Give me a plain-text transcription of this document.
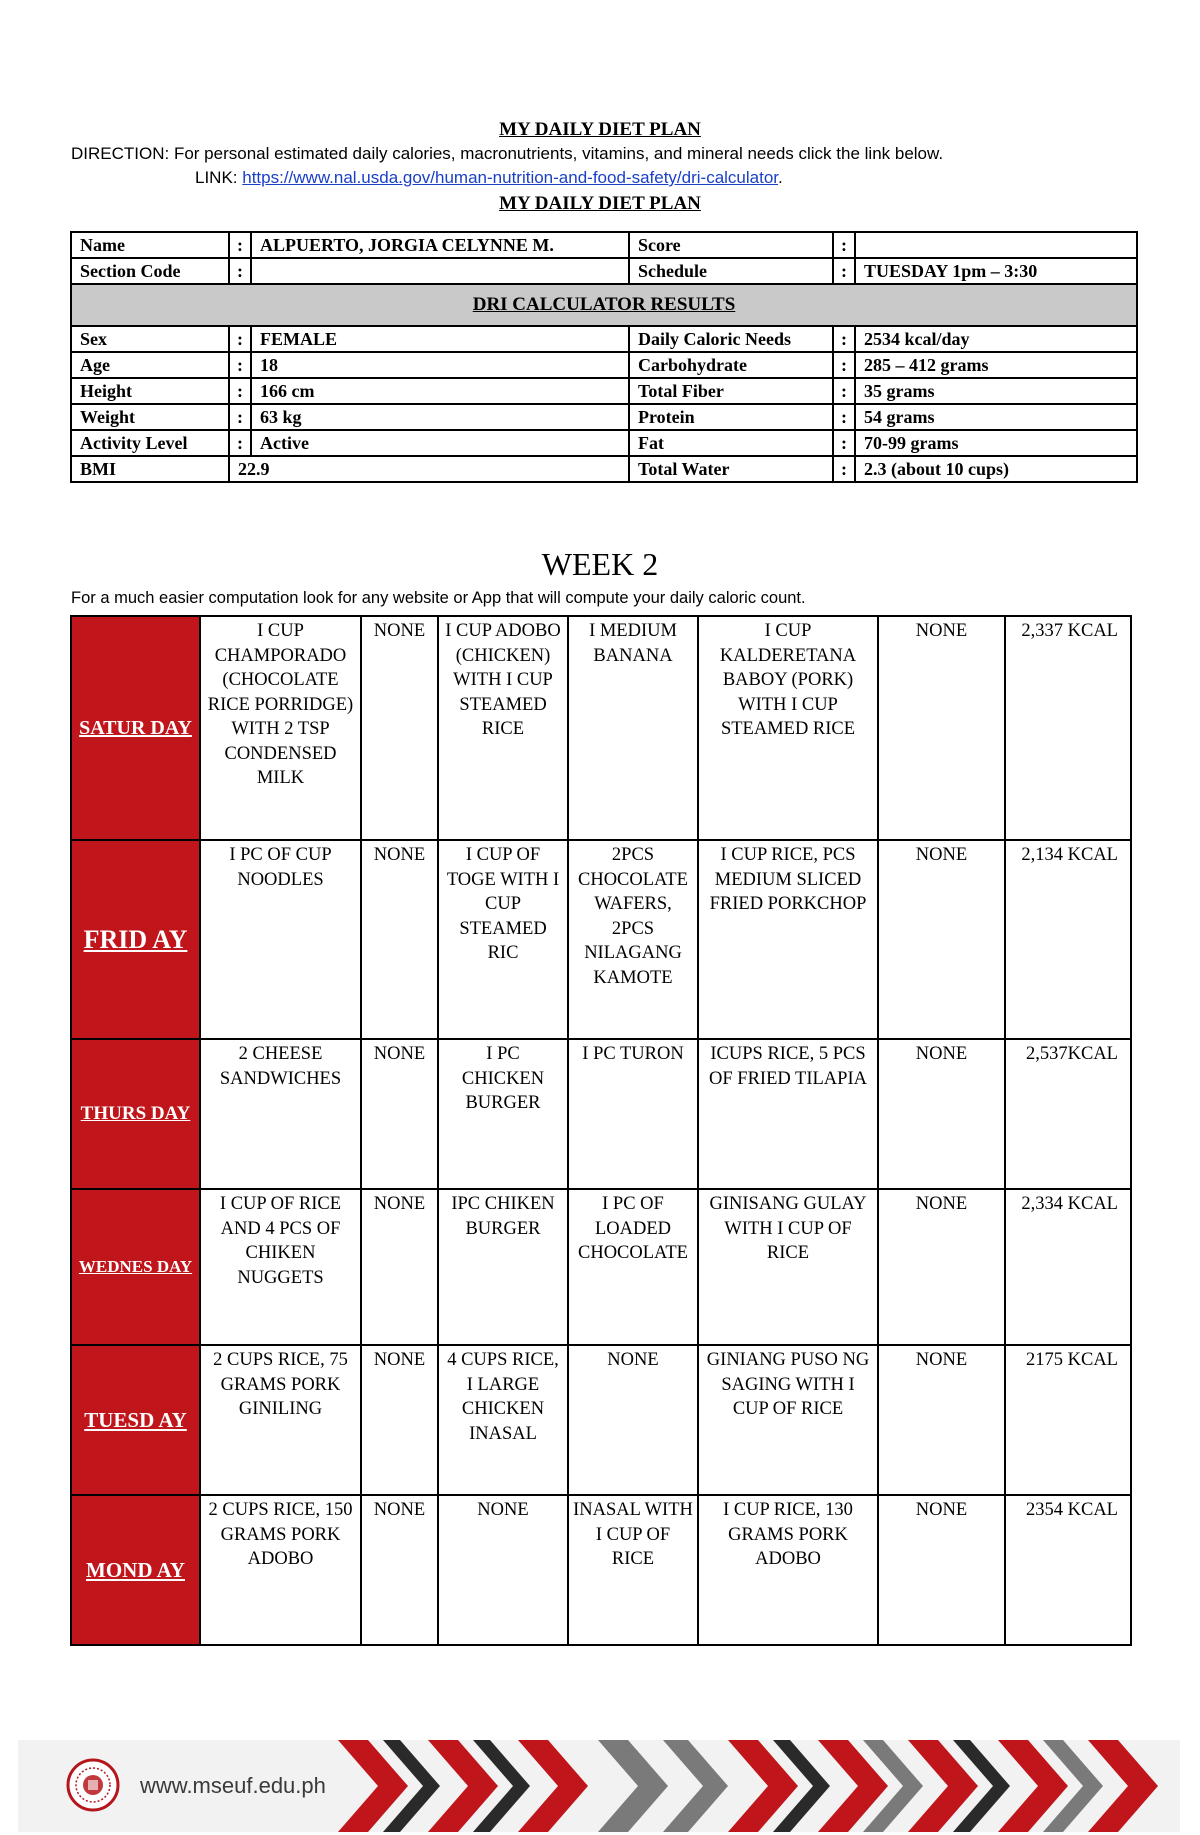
MY DAILY DIET PLAN
DIRECTION: For personal estimated daily calories, macronutrients, vitamins, and mineral needs click the link below.
LINK: https://www.nal.usda.gov/human-nutrition-and-food-safety/dri-calculator.
MY DAILY DIET PLAN
Name	:	ALPUERTO, JORGIA CELYNNE M.	Score	:	
Section Code	:		Schedule	:	TUESDAY 1pm – 3:30
DRI CALCULATOR RESULTS					
Sex	:	FEMALE	Daily Caloric Needs	:	2534 kcal/day
Age	:	18	Carbohydrate	:	285 – 412 grams
Height	:	166 cm	Total Fiber	:	35 grams
Weight	:	63 kg	Protein	:	54 grams
Activity Level	:	Active	Fat	:	70-99 grams
BMI	22.9		Total Water	:	2.3 (about 10 cups)
WEEK 2
For a much easier computation look for any website or App that will compute your daily caloric count.
SATUR DAY	I CUP CHAMPORADO (CHOCOLATE RICE PORRIDGE) WITH 2 TSP CONDENSED MILK	NONE	I CUP ADOBO (CHICKEN) WITH I CUP STEAMED RICE	I MEDIUM BANANA	I CUP KALDERETANA BABOY (PORK) WITH I CUP STEAMED RICE	NONE	2,337 KCAL
FRID AY	I PC OF CUP NOODLES	NONE	I CUP OF TOGE WITH I CUP STEAMED RIC	2PCS CHOCOLATE WAFERS, 2PCS NILAGANG KAMOTE	I CUP RICE, PCS MEDIUM SLICED FRIED PORKCHOP	NONE	2,134 KCAL
THURS DAY	2 CHEESE SANDWICHES	NONE	I PC CHICKEN BURGER	I PC TURON	ICUPS RICE, 5 PCS OF FRIED TILAPIA	NONE	2,537KCAL
WEDNES DAY	I CUP OF RICE AND 4 PCS OF CHIKEN NUGGETS	NONE	IPC CHIKEN BURGER	I PC OF LOADED CHOCOLATE	GINISANG GULAY WITH I CUP OF RICE	NONE	2,334 KCAL
TUESD AY	2 CUPS RICE, 75 GRAMS PORK GINILING	NONE	4 CUPS RICE, I LARGE CHICKEN INASAL	NONE	GINIANG PUSO NG SAGING WITH I CUP OF RICE	NONE	2175 KCAL
MOND AY	2 CUPS RICE, 150 GRAMS PORK ADOBO	NONE	NONE	INASAL WITH I CUP OF RICE	I CUP RICE, 130 GRAMS PORK ADOBO	NONE	2354 KCAL
www.mseuf.edu.ph
